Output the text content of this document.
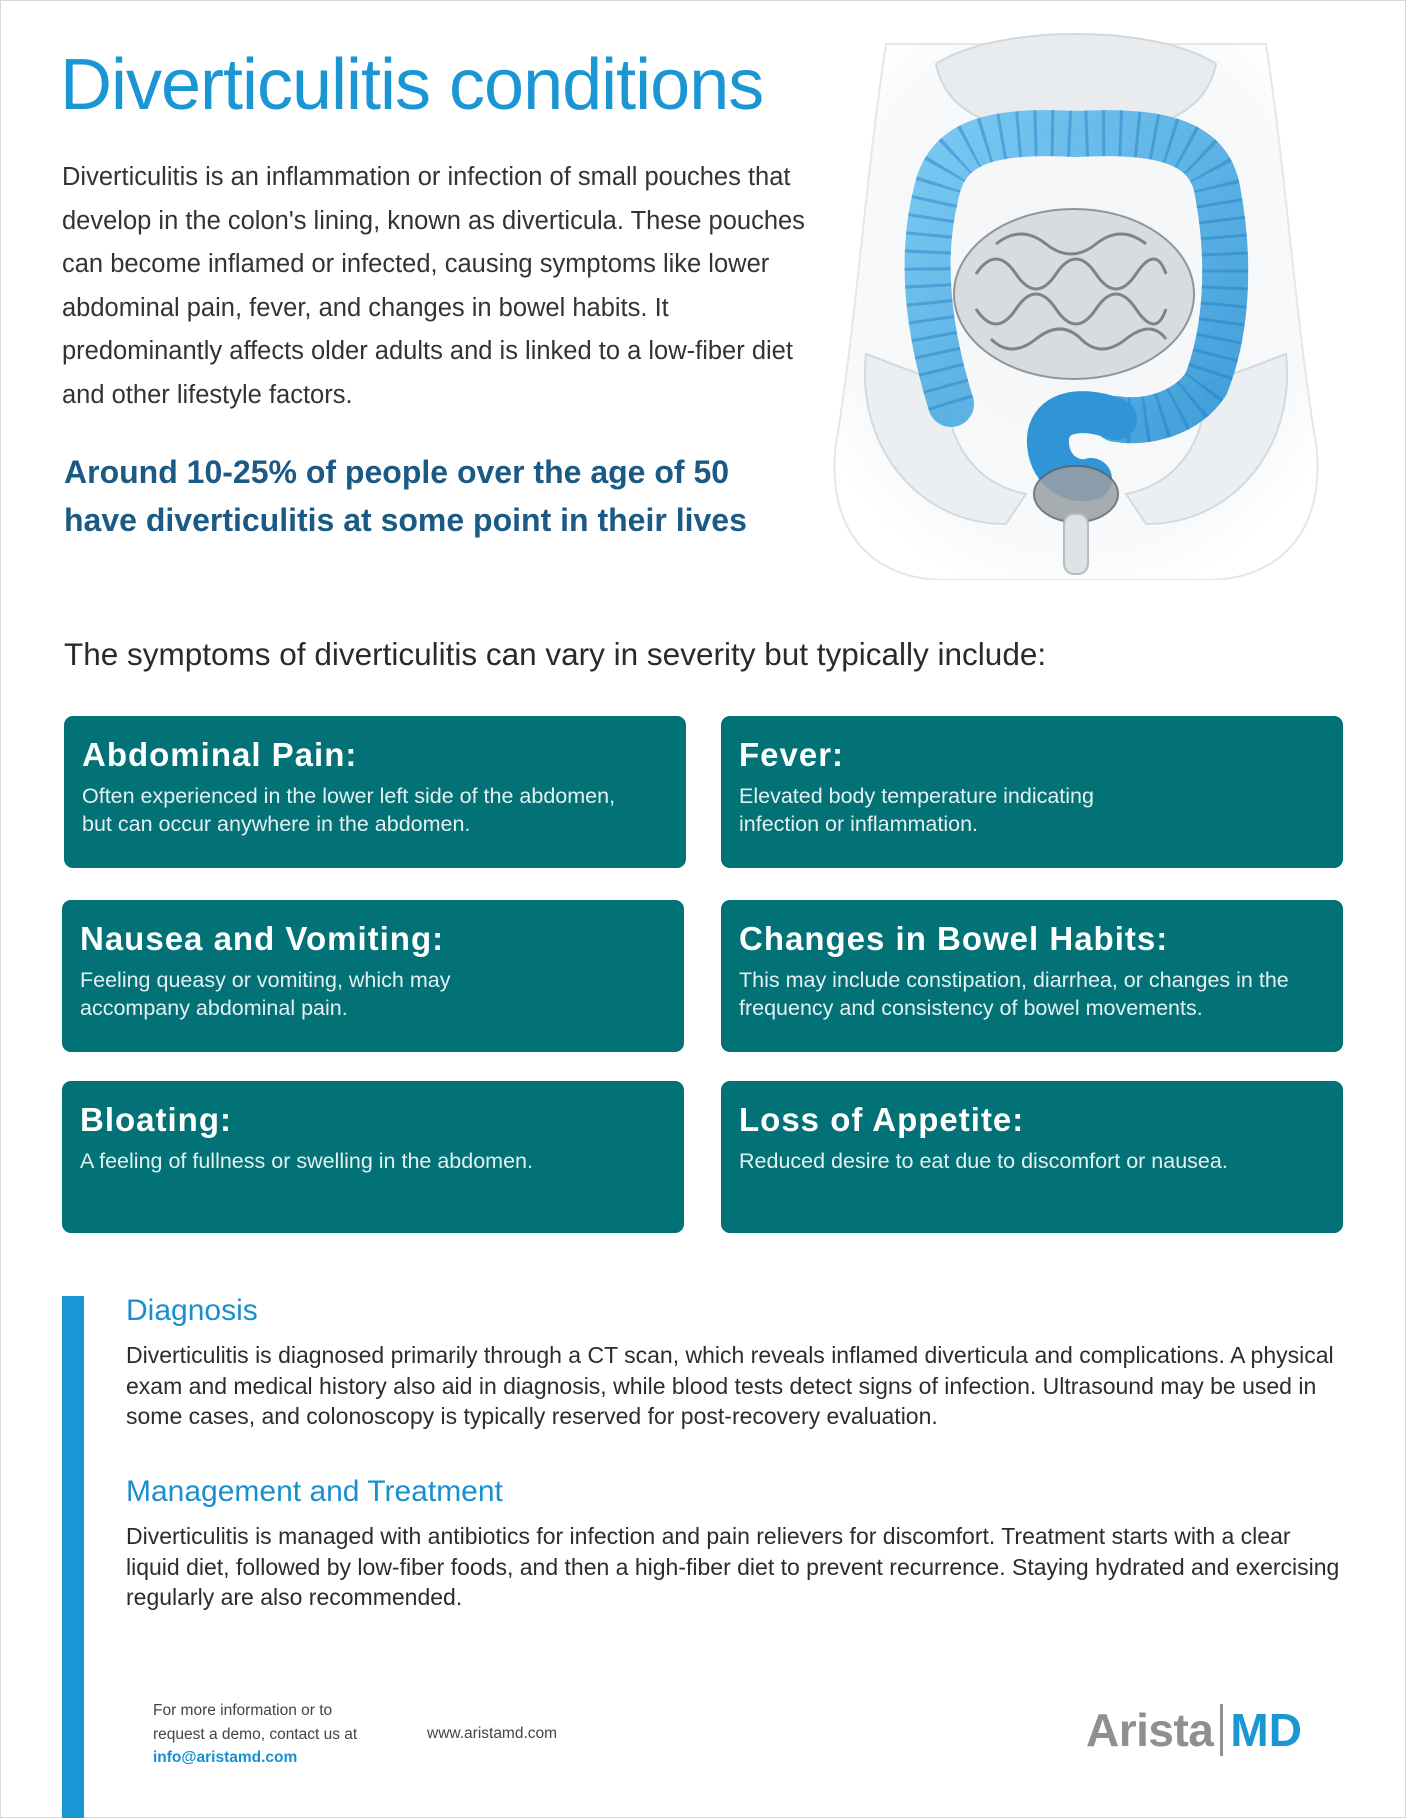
Diverticulitis conditions

Diverticulitis is an inflammation or infection of small pouches that develop in the colon's lining, known as diverticula. These pouches can become inflamed or infected, causing symptoms like lower abdominal pain, fever, and changes in bowel habits. It predominantly affects older adults and is linked to a low-fiber diet and other lifestyle factors.

Around 10-25% of people over the age of 50
have diverticulitis at some point in their lives

The symptoms of diverticulitis can vary in severity but typically include:

Abdominal Pain:

Often experienced in the lower left side of the abdomen, but can occur anywhere in the abdomen.

Fever:

Elevated body temperature indicating infection or inflammation.

Nausea and Vomiting:

Feeling queasy or vomiting, which may accompany abdominal pain.

Changes in Bowel Habits:

This may include constipation, diarrhea, or changes in the frequency and consistency of bowel movements.

Bloating:

A feeling of fullness or swelling in the abdomen.

Loss of Appetite:

Reduced desire to eat due to discomfort or nausea.

Diagnosis

Diverticulitis is diagnosed primarily through a CT scan, which reveals inflamed diverticula and complications. A physical exam and medical history also aid in diagnosis, while blood tests detect signs of infection. Ultrasound may be used in some cases, and colonoscopy is typically reserved for post-recovery evaluation.

Management and Treatment

Diverticulitis is managed with antibiotics for infection and pain relievers for discomfort. Treatment starts with a clear liquid diet, followed by low-fiber foods, and then a high-fiber diet to prevent recurrence. Staying hydrated and exercising regularly are also recommended.

For more information or to
request a demo, contact us at
info@aristamd.com
www.aristamd.com	Arista MD
